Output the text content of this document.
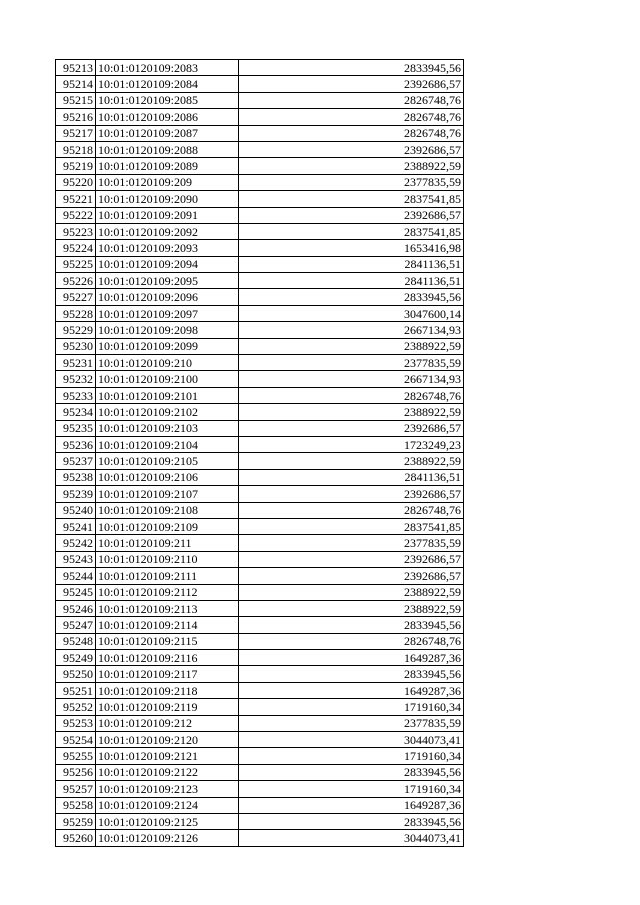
95213	10:01:0120109:2083	2833945,56
95214	10:01:0120109:2084	2392686,57
95215	10:01:0120109:2085	2826748,76
95216	10:01:0120109:2086	2826748,76
95217	10:01:0120109:2087	2826748,76
95218	10:01:0120109:2088	2392686,57
95219	10:01:0120109:2089	2388922,59
95220	10:01:0120109:209	2377835,59
95221	10:01:0120109:2090	2837541,85
95222	10:01:0120109:2091	2392686,57
95223	10:01:0120109:2092	2837541,85
95224	10:01:0120109:2093	1653416,98
95225	10:01:0120109:2094	2841136,51
95226	10:01:0120109:2095	2841136,51
95227	10:01:0120109:2096	2833945,56
95228	10:01:0120109:2097	3047600,14
95229	10:01:0120109:2098	2667134,93
95230	10:01:0120109:2099	2388922,59
95231	10:01:0120109:210	2377835,59
95232	10:01:0120109:2100	2667134,93
95233	10:01:0120109:2101	2826748,76
95234	10:01:0120109:2102	2388922,59
95235	10:01:0120109:2103	2392686,57
95236	10:01:0120109:2104	1723249,23
95237	10:01:0120109:2105	2388922,59
95238	10:01:0120109:2106	2841136,51
95239	10:01:0120109:2107	2392686,57
95240	10:01:0120109:2108	2826748,76
95241	10:01:0120109:2109	2837541,85
95242	10:01:0120109:211	2377835,59
95243	10:01:0120109:2110	2392686,57
95244	10:01:0120109:2111	2392686,57
95245	10:01:0120109:2112	2388922,59
95246	10:01:0120109:2113	2388922,59
95247	10:01:0120109:2114	2833945,56
95248	10:01:0120109:2115	2826748,76
95249	10:01:0120109:2116	1649287,36
95250	10:01:0120109:2117	2833945,56
95251	10:01:0120109:2118	1649287,36
95252	10:01:0120109:2119	1719160,34
95253	10:01:0120109:212	2377835,59
95254	10:01:0120109:2120	3044073,41
95255	10:01:0120109:2121	1719160,34
95256	10:01:0120109:2122	2833945,56
95257	10:01:0120109:2123	1719160,34
95258	10:01:0120109:2124	1649287,36
95259	10:01:0120109:2125	2833945,56
95260	10:01:0120109:2126	3044073,41
